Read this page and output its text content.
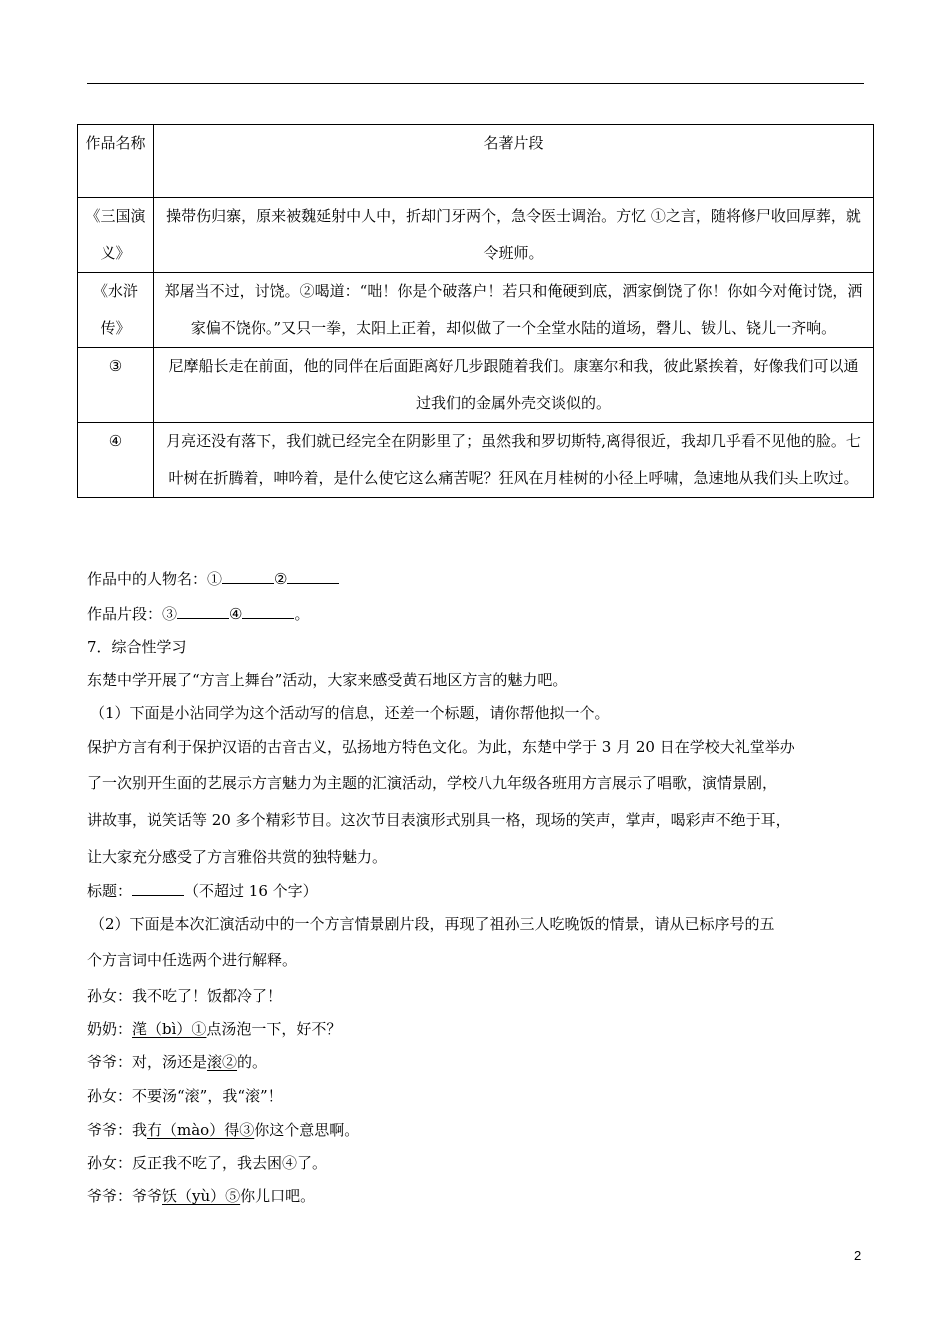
作品名称	名著片段
《三国演义》	操带伤归寨，原来被魏延射中人中，折却门牙两个，急令医士调治。方忆 ①之言，随将修尸收回厚葬，就令班师。
《水浒传》	郑屠当不过，讨饶。②喝道：“咄！你是个破落户！若只和俺硬到底，洒家倒饶了你！你如今对俺讨饶，洒家偏不饶你。”又只一拳，太阳上正着，却似做了一个全堂水陆的道场，磬儿、钹儿、铙儿一齐响。
③	尼摩船长走在前面，他的同伴在后面距离好几步跟随着我们。康塞尔和我，彼此紧挨着，好像我们可以通过我们的金属外壳交谈似的。
④	月亮还没有落下，我们就已经完全在阴影里了；虽然我和罗切斯特,离得很近，我却几乎看不见他的脸。七叶树在折腾着，呻吟着，是什么使它这么痛苦呢？狂风在月桂树的小径上呼啸，急速地从我们头上吹过。
作品中的人物名：①	②
作品片段：③	④	。
7．综合性学习
东楚中学开展了“方言上舞台”活动，大家来感受黄石地区方言的魅力吧。
（1）下面是小沾同学为这个活动写的信息，还差一个标题，请你帮他拟一个。
保护方言有利于保护汉语的古音古义，弘扬地方特色文化。为此，东楚中学于 3 月 20 日在学校大礼堂举办
了一次别开生面的艺展示方言魅力为主题的汇演活动，学校八九年级各班用方言展示了唱歌，演情景剧，
讲故事，说笑话等 20 多个精彩节目。这次节目表演形式别具一格，现场的笑声，掌声，喝彩声不绝于耳，
让大家充分感受了方言雅俗共赏的独特魅力。
标题：	（不超过 16 个字）
（2）下面是本次汇演活动中的一个方言情景剧片段，再现了祖孙三人吃晚饭的情景，请从已标序号的五
个方言词中任选两个进行解释。
孙女：我不吃了！饭都冷了！
奶奶：滗（bì）①点汤泡一下，好不？
爷爷：对，汤还是滚②的。
孙女：不要汤“滚”，我“滚”！
爷爷：我冇（mào）得③你这个意思啊。
孙女：反正我不吃了，我去困④了。
爷爷：爷爷饫（yù）⑤你儿口吧。
2
